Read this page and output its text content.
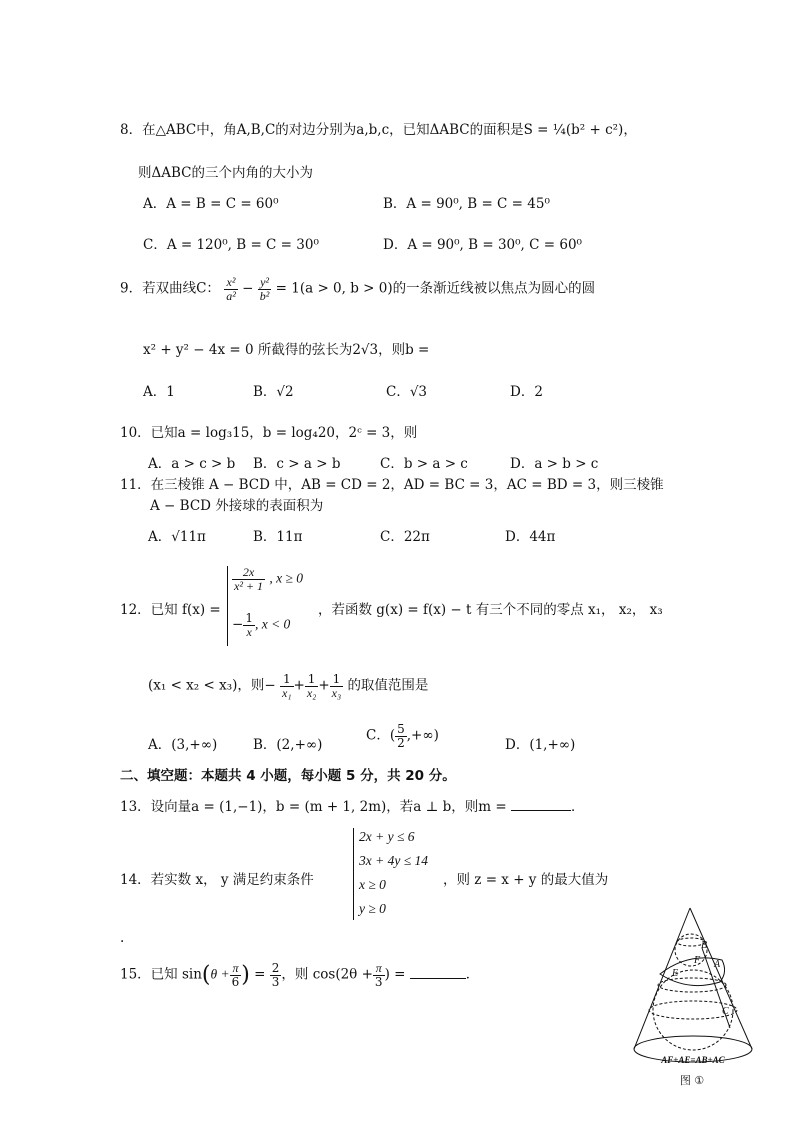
8．在△ABC中，角A,B,C的对边分别为a,b,c，已知ΔABC的面积是S = ¼(b² + c²)，
则ΔABC的三个内角的大小为
A．A = B = C = 60⁰	B．A = 90⁰, B = C = 45⁰
C．A = 120⁰, B = C = 30⁰	D．A = 90⁰, B = 30⁰, C = 60⁰
9．若双曲线C： $\frac{\text{x²}}{\text{a²}} - \frac{\text{y²}}{\text{b²}} = 1(a > 0$, b > 0)的一条渐近线被以焦点为圆心的圆
x² + y² − 4x = 0 所截得的弦长为2√3，则b =
A．1	B．√2	C．√3	D．2
10．已知a = log₃15，b = log₄20，2ᶜ = 3，则
A．a > c > b B．c > a > b	C．b > a > c	D．a > b > c
11．在三棱锥 A − BCD 中，AB = CD = 2，AD = BC = 3，AC = BD = 3，则三棱锥
A − BCD 外接球的表面积为
A．√11π	B．11π	C．22π	D．44π
12．已知 f(x) =
$\frac{2x}{\text{x² + 1}}$ , x ≥ 0
− $\frac{1}{x}$ , x < 0
，若函数 g(x) = f(x) − t 有三个不同的零点 x₁， x₂， x₃
(x₁ < x₂ < x₃)，则− $\frac{1}{\text{x₁}} + \frac{1}{\text{x₂}} + \frac{1}{\text{x₃}}$ 的取值范围是
A．(3,+∞)	B．(2,+∞)
C．( $\frac{5}{2}$ ,+∞)
D．(1,+∞)
二、填空题：本题共 4 小题，每小题 5 分，共 20 分。
13．设向量a = (1,−1)，b = (m + 1, 2m)，若a ⊥ b，则m =	．
14．若实数 x， y 满足约束条件
2x + y ≤ 6
3x + 4y ≤ 14
x ≥ 0
y ≥ 0
，则 z = x + y 的最大值为
.
15．已知 $\sin(\theta + \frac{\pi}{6}$ ) = $\frac{2}{3}$ ，则 $\cos(2\theta + \frac{\pi}{3}$ ) =	．
B
F A
E
C
AF+AE=AB+AC
图 ①
